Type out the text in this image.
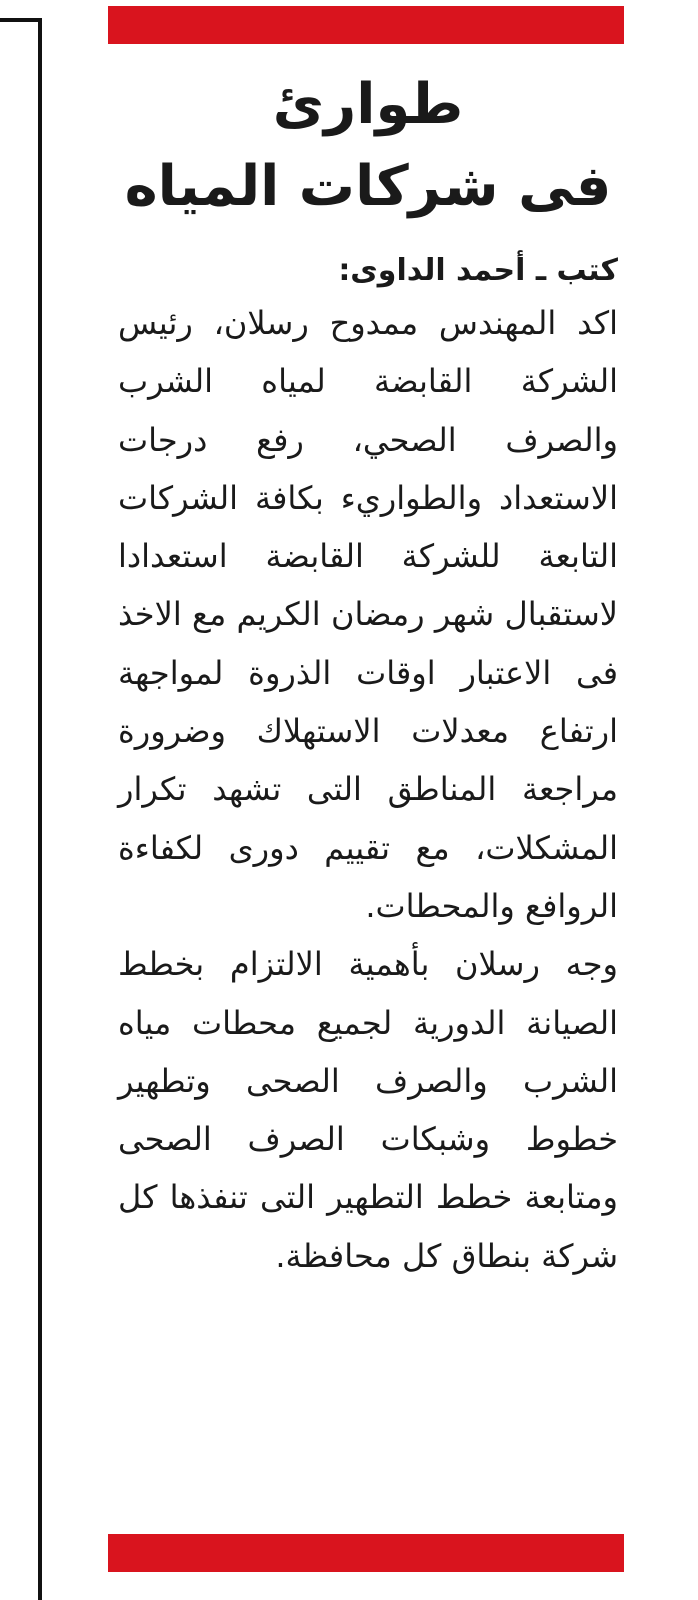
طوارئ
فى شركات المياه
كتب ـ أحمد الداوى:

اكد المهندس ممدوح رسلان، رئيس الشركة القابضة لمياه الشرب والصرف الصحي، رفع درجات الاستعداد والطواريء بكافة الشركات التابعة للشركة القابضة استعدادا لاستقبال شهر رمضان الكريم مع الاخذ فى الاعتبار اوقات الذروة لمواجهة ارتفاع معدلات الاستهلاك وضرورة مراجعة المناطق التى تشهد تكرار المشكلات، مع تقييم دورى لكفاءة الروافع والمحطات.

وجه رسلان بأهمية الالتزام بخطط الصيانة الدورية لجميع محطات مياه الشرب والصرف الصحى وتطهير خطوط وشبكات الصرف الصحى ومتابعة خطط التطهير التى تنفذها كل شركة بنطاق كل محافظة.
